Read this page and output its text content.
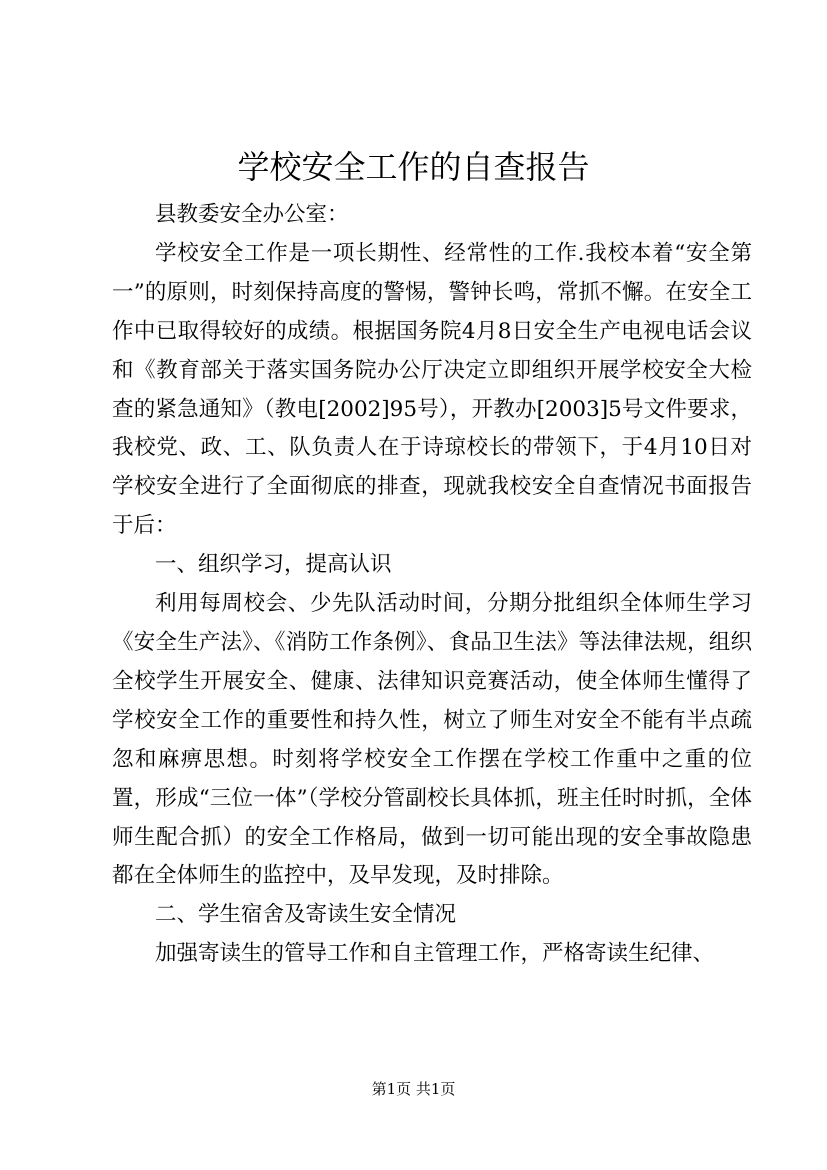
学校安全工作的自查报告

县教委安全办公室：

学校安全工作是一项长期性、经常性的工作.我校本着“安全第一”的原则，时刻保持高度的警惕，警钟长鸣，常抓不懈。在安全工作中已取得较好的成绩。根据国务院4月8日安全生产电视电话会议和《教育部关于落实国务院办公厅决定立即组织开展学校安全大检查的紧急通知》（教电[2002]95号），开教办[2003]5号文件要求，我校党、政、工、队负责人在于诗琼校长的带领下，于4月10日对学校安全进行了全面彻底的排查，现就我校安全自查情况书面报告于后：

一、组织学习，提高认识

利用每周校会、少先队活动时间，分期分批组织全体师生学习《安全生产法》、《消防工作条例》、食品卫生法》等法律法规，组织全校学生开展安全、健康、法律知识竞赛活动，使全体师生懂得了学校安全工作的重要性和持久性，树立了师生对安全不能有半点疏忽和麻痹思想。时刻将学校安全工作摆在学校工作重中之重的位置，形成“三位一体”（学校分管副校长具体抓，班主任时时抓，全体师生配合抓）的安全工作格局，做到一切可能出现的安全事故隐患都在全体师生的监控中，及早发现，及时排除。

二、学生宿舍及寄读生安全情况

加强寄读生的管导工作和自主管理工作，严格寄读生纪律、

第1页 共1页
